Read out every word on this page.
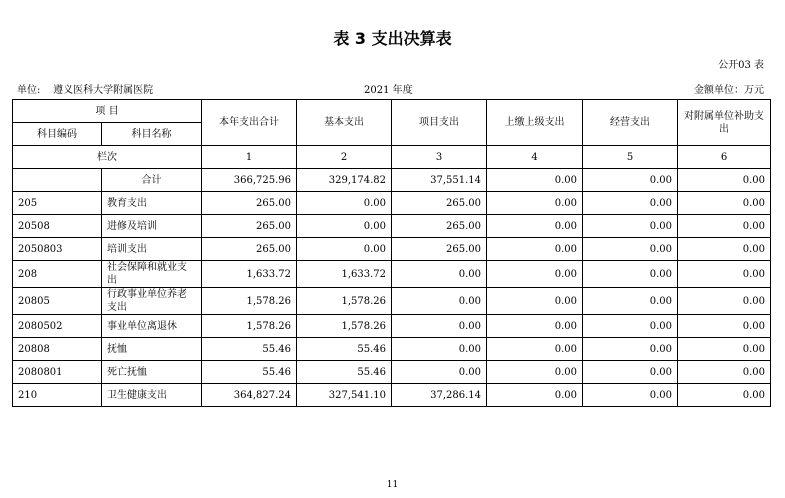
表 3 支出决算表
公开03 表
单位: 遵义医科大学附属医院	2021 年度	金额单位：万元
项 目		本年支出合计	基本支出	项目支出	上缴上级支出	经营支出	对附属单位补助支出
科目编码	科目名称						
栏次		1	2	3	4	5	6
	合计	366,725.96	329,174.82	37,551.14	0.00	0.00	0.00
205	教育支出	265.00	0.00	265.00	0.00	0.00	0.00
20508	进修及培训	265.00	0.00	265.00	0.00	0.00	0.00
2050803	培训支出	265.00	0.00	265.00	0.00	0.00	0.00
208	社会保障和就业支出	1,633.72	1,633.72	0.00	0.00	0.00	0.00
20805	行政事业单位养老支出	1,578.26	1,578.26	0.00	0.00	0.00	0.00
2080502	事业单位离退休	1,578.26	1,578.26	0.00	0.00	0.00	0.00
20808	抚恤	55.46	55.46	0.00	0.00	0.00	0.00
2080801	死亡抚恤	55.46	55.46	0.00	0.00	0.00	0.00
210	卫生健康支出	364,827.24	327,541.10	37,286.14	0.00	0.00	0.00
11
